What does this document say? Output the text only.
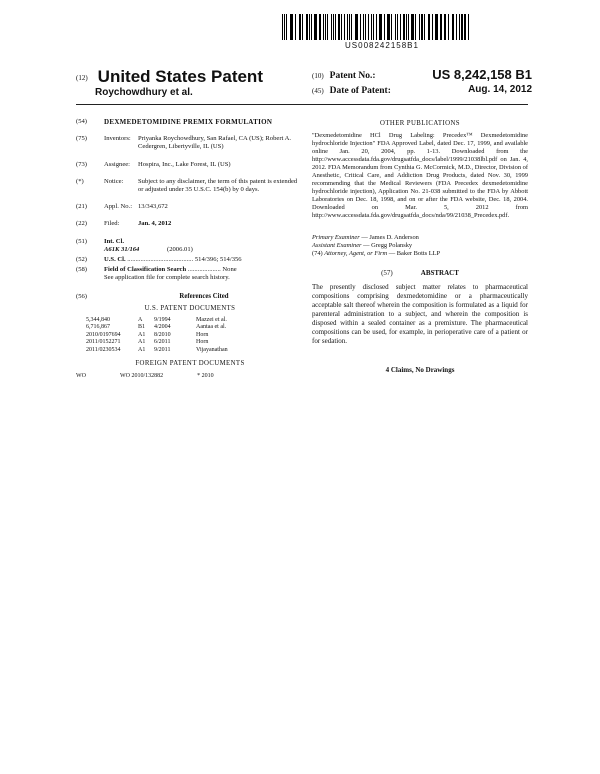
US008242158B1
(12) United States Patent
Roychowdhury et al.
(10) Patent No.:	US 8,242,158 B1
(45) Date of Patent:	Aug. 14, 2012
(54)	DEXMEDETOMIDINE PREMIX FORMULATION
(75)	Inventors:	Priyanka Roychowdhury, San Rafael, CA (US); Robert A. Cedergren, Libertyville, IL (US)
(73)	Assignee:	Hospira, Inc., Lake Forest, IL (US)
(*)	Notice:	Subject to any disclaimer, the term of this patent is extended or adjusted under 35 U.S.C. 154(b) by 0 days.
(21)	Appl. No.: 13/343,672
(22)	Filed:	Jan. 4, 2012
(51)	Int. Cl.
A61K 31/164	(2006.01)
(52)	U.S. Cl. ........................................ 514/396; 514/356
(58)	Field of Classification Search .................... None
See application file for complete search history.
(56)	References Cited
U.S. PATENT DOCUMENTS
5,344,840	A	9/1994	Mazzei et al.
6,716,867	B1	4/2004	Aantaa et al.
2010/0197694	A1	8/2010	Horn
2011/0152271	A1	6/2011	Horn
2011/0230534	A1	9/2011	Vijayanathan
FOREIGN PATENT DOCUMENTS
WO	WO 2010/132882	* 2010
OTHER PUBLICATIONS
"Dexmedetomidine HCl Drug Labeling: Precedex™ Dexmedetomidine hydrochloride Injection" FDA Approved Label, dated Dec. 17, 1999, and available online Jan. 20, 2004, pp. 1-13. Downloaded from the http://www.accessdata.fda.gov/drugsatfda_docs/label/1999/21038lbl.pdf on Jan. 4, 2012. FDA Memorandum from Cynthia G. McCormick, M.D., Director, Division of Anesthetic, Critical Care, and Addiction Drug Products, dated Nov. 30, 1999 recommending that the Medical Reviewers (FDA Precedex dexmedetomidine hydrochloride injection), Application No. 21-038 submitted to the FDA by Abbott Laboratories on Dec. 18, 1998, and on or after the FDA website, Dec. 18, 2004. Downloaded on Mar. 5, 2012 from http://www.accessdata.fda.gov/drugsatfda_docs/nda/99/21038_Precedex.pdf.
Primary Examiner — James D. Anderson
Assistant Examiner — Gregg Polansky
(74) Attorney, Agent, or Firm — Baker Botts LLP
(57)	ABSTRACT
The presently disclosed subject matter relates to pharmaceutical compositions comprising dexmedetomidine or a pharmaceutically acceptable salt thereof wherein the composition is formulated as a liquid for parenteral administration to a subject, and wherein the composition is disposed within a sealed container as a premixture. The pharmaceutical compositions can be used, for example, in perioperative care of a patient or for sedation.
4 Claims, No Drawings
